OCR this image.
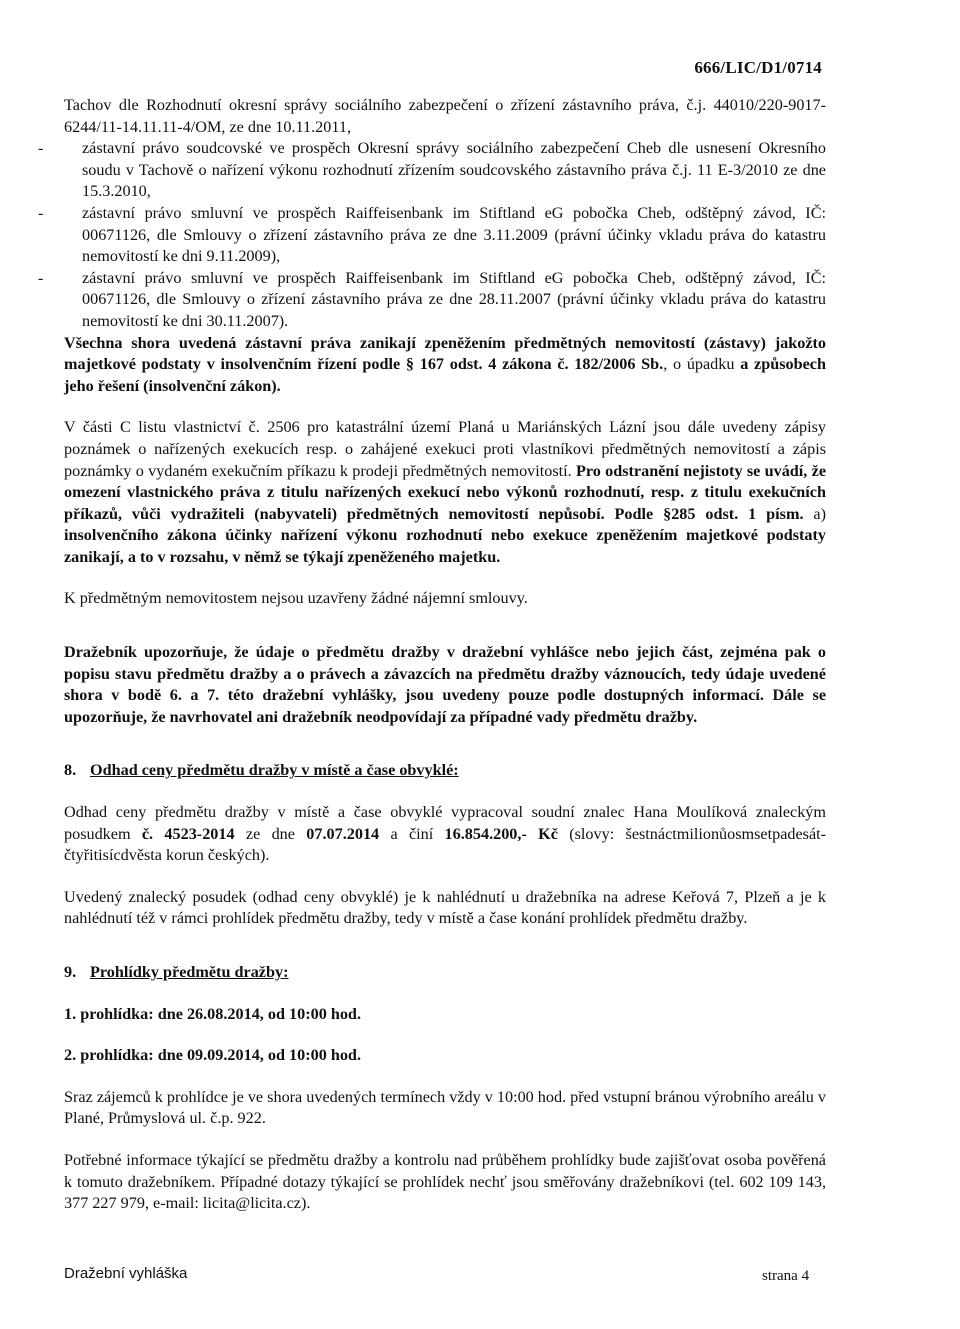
666/LIC/D1/0714

Tachov dle Rozhodnutí okresní správy sociálního zabezpečení o zřízení zástavního práva, č.j. 44010/220-9017-6244/11-14.11.11-4/OM, ze dne 10.11.2011,

- zástavní právo soudcovské ve prospěch Okresní správy sociálního zabezpečení Cheb dle usnesení Okresního soudu v Tachově o nařízení výkonu rozhodnutí zřízením soudcovského zástavního práva č.j. 11 E-3/2010 ze dne 15.3.2010,

- zástavní právo smluvní ve prospěch Raiffeisenbank im Stiftland eG pobočka Cheb, odštěpný závod, IČ: 00671126, dle Smlouvy o zřízení zástavního práva ze dne 3.11.2009 (právní účinky vkladu práva do katastru nemovitostí ke dni 9.11.2009),

- zástavní právo smluvní ve prospěch Raiffeisenbank im Stiftland eG pobočka Cheb, odštěpný závod, IČ: 00671126, dle Smlouvy o zřízení zástavního práva ze dne 28.11.2007 (právní účinky vkladu práva do katastru nemovitostí ke dni 30.11.2007).

Všechna shora uvedená zástavní práva zanikají zpeněžením předmětných nemovitostí (zástavy) jakožto majetkové podstaty v insolvenčním řízení podle § 167 odst. 4 zákona č. 182/2006 Sb., o úpadku a způsobech jeho řešení (insolvenční zákon).

V části C listu vlastnictví č. 2506 pro katastrální území Planá u Mariánských Lázní jsou dále uvedeny zápisy poznámek o nařízených exekucích resp. o zahájené exekuci proti vlastníkovi předmětných nemovitostí a zápis poznámky o vydaném exekučním příkazu k prodeji předmětných nemovitostí. Pro odstranění nejistoty se uvádí, že omezení vlastnického práva z titulu nařízených exekucí nebo výkonů rozhodnutí, resp. z titulu exekučních příkazů, vůči vydražiteli (nabyvateli) předmětných nemovitostí nepůsobí. Podle §285 odst. 1 písm. a) insolvenčního zákona účinky nařízení výkonu rozhodnutí nebo exekuce zpeněžením majetkové podstaty zanikají, a to v rozsahu, v němž se týkají zpeněženého majetku.

K předmětným nemovitostem nejsou uzavřeny žádné nájemní smlouvy.

Dražebník upozorňuje, že údaje o předmětu dražby v dražební vyhlášce nebo jejich část, zejména pak o popisu stavu předmětu dražby a o právech a závazcích na předmětu dražby váznoucích, tedy údaje uvedené shora v bodě 6. a 7. této dražební vyhlášky, jsou uvedeny pouze podle dostupných informací. Dále se upozorňuje, že navrhovatel ani dražebník neodpovídají za případné vady předmětu dražby.

8. Odhad ceny předmětu dražby v místě a čase obvyklé:

Odhad ceny předmětu dražby v místě a čase obvyklé vypracoval soudní znalec Hana Moulíková znaleckým posudkem č. 4523-2014 ze dne 07.07.2014 a činí 16.854.200,- Kč (slovy: šestnáctmilionůosmsetpadesát-čtyřitisícdvěsta korun českých).

Uvedený znalecký posudek (odhad ceny obvyklé) je k nahlédnutí u dražebníka na adrese Keřová 7, Plzeň a je k nahlédnutí též v rámci prohlídek předmětu dražby, tedy v místě a čase konání prohlídek předmětu dražby.

9. Prohlídky předmětu dražby:

1. prohlídka: dne 26.08.2014, od 10:00 hod.

2. prohlídka: dne 09.09.2014, od 10:00 hod.

Sraz zájemců k prohlídce je ve shora uvedených termínech vždy v 10:00 hod. před vstupní bránou výrobního areálu v Plané, Průmyslová ul. č.p. 922.

Potřebné informace týkající se předmětu dražby a kontrolu nad průběhem prohlídky bude zajišťovat osoba pověřená k tomuto dražebníkem. Případné dotazy týkající se prohlídek nechť jsou směřovány dražebníkovi (tel. 602 109 143, 377 227 979, e-mail: licita@licita.cz).

Dražební vyhláška	strana 4
